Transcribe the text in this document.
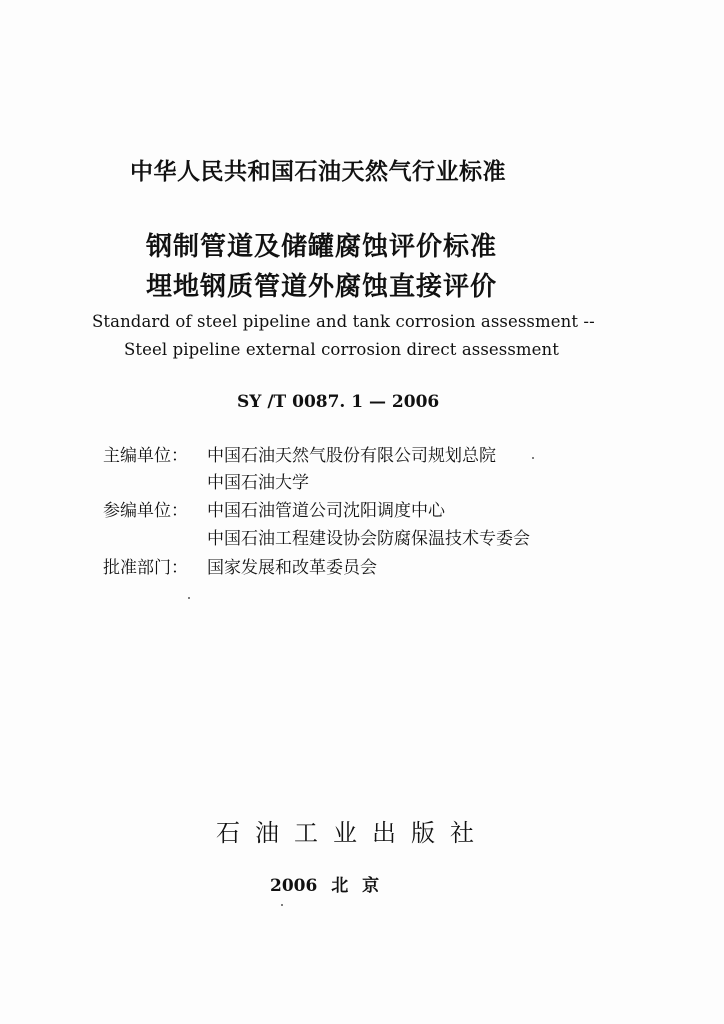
中华人民共和国石油天然气行业标准
钢制管道及储罐腐蚀评价标准
埋地钢质管道外腐蚀直接评价
Standard of steel pipeline and tank corrosion assessment --
Steel pipeline external corrosion direct assessment
SY /T 0087. 1 — 2006
主编单位： 中国石油天然气股份有限公司规划总院
中国石油大学
参编单位： 中国石油管道公司沈阳调度中心
中国石油工程建设协会防腐保温技术专委会
批准部门： 国家发展和改革委员会
石油工业出版社
2006 北 京
